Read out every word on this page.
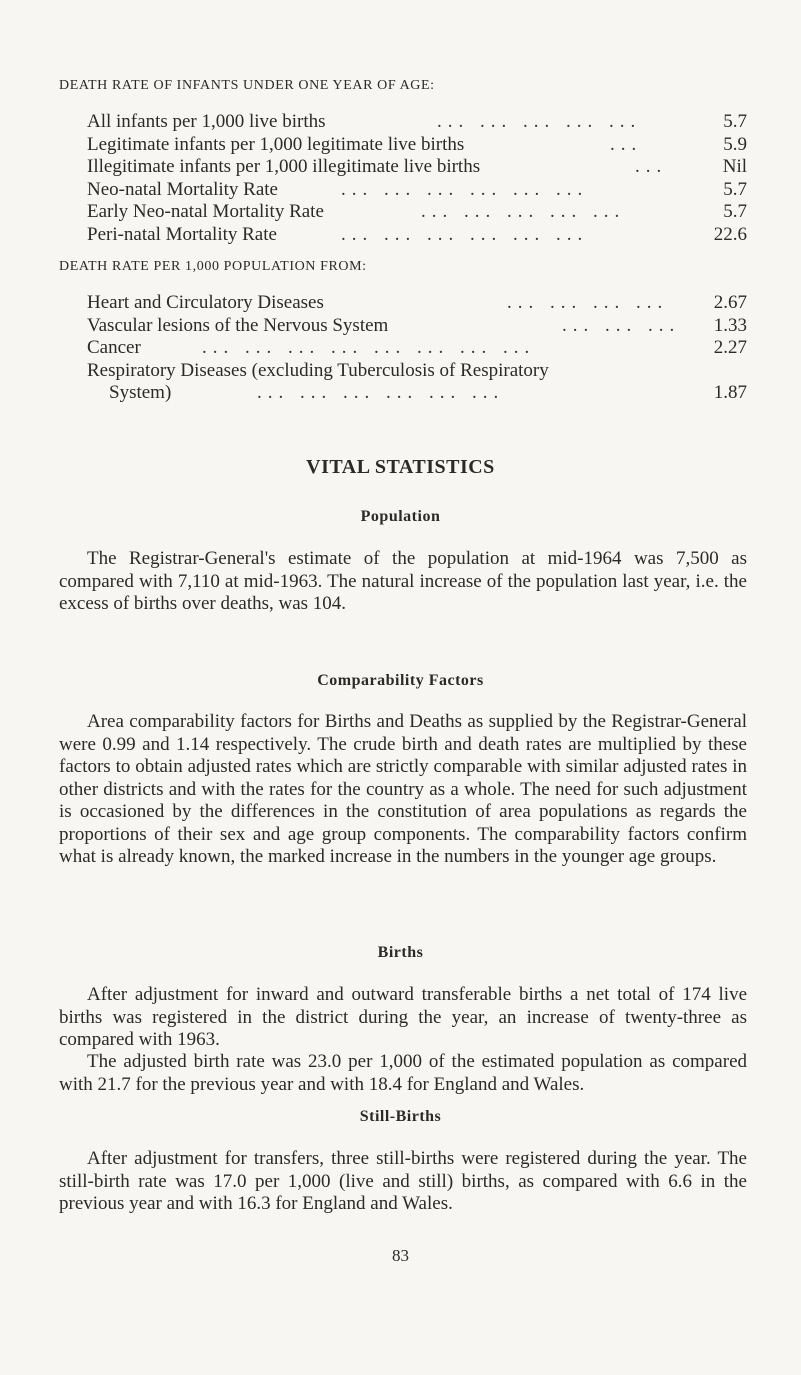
DEATH RATE OF INFANTS UNDER ONE YEAR OF AGE:
All infants per 1,000 live births	... ... ... ... ...	5.7
Legitimate infants per 1,000 legitimate live births	...	5.9
Illegitimate infants per 1,000 illegitimate live births	...	Nil
Neo-natal Mortality Rate	... ... ... ... ... ...	5.7
Early Neo-natal Mortality Rate	... ... ... ... ...	5.7
Peri-natal Mortality Rate	... ... ... ... ... ...	22.6
DEATH RATE PER 1,000 POPULATION FROM:
Heart and Circulatory Diseases	... ... ... ... 2.67
Vascular lesions of the Nervous System	... ... ... 1.33
Cancer	... ... ... ... ... ... ... ...	2.27
Respiratory Diseases (excluding Tuberculosis of Respiratory
System)	... ... ... ... ... ...	1.87
VITAL STATISTICS
Population
The Registrar-General's estimate of the population at mid-1964 was 7,500 as compared with 7,110 at mid-1963. The natural increase of the population last year, i.e. the excess of births over deaths, was 104.
Comparability Factors
Area comparability factors for Births and Deaths as supplied by the Registrar-General were 0.99 and 1.14 respectively. The crude birth and death rates are multiplied by these factors to obtain adjusted rates which are strictly comparable with similar adjusted rates in other districts and with the rates for the country as a whole. The need for such adjustment is occasioned by the differences in the constitution of area populations as regards the proportions of their sex and age group components. The comparability factors confirm what is already known, the marked increase in the numbers in the younger age groups.
Births
After adjustment for inward and outward transferable births a net total of 174 live births was registered in the district during the year, an increase of twenty-three as compared with 1963.
The adjusted birth rate was 23.0 per 1,000 of the estimated population as compared with 21.7 for the previous year and with 18.4 for England and Wales.
Still-Births
After adjustment for transfers, three still-births were registered during the year. The still-birth rate was 17.0 per 1,000 (live and still) births, as compared with 6.6 in the previous year and with 16.3 for England and Wales.
83
